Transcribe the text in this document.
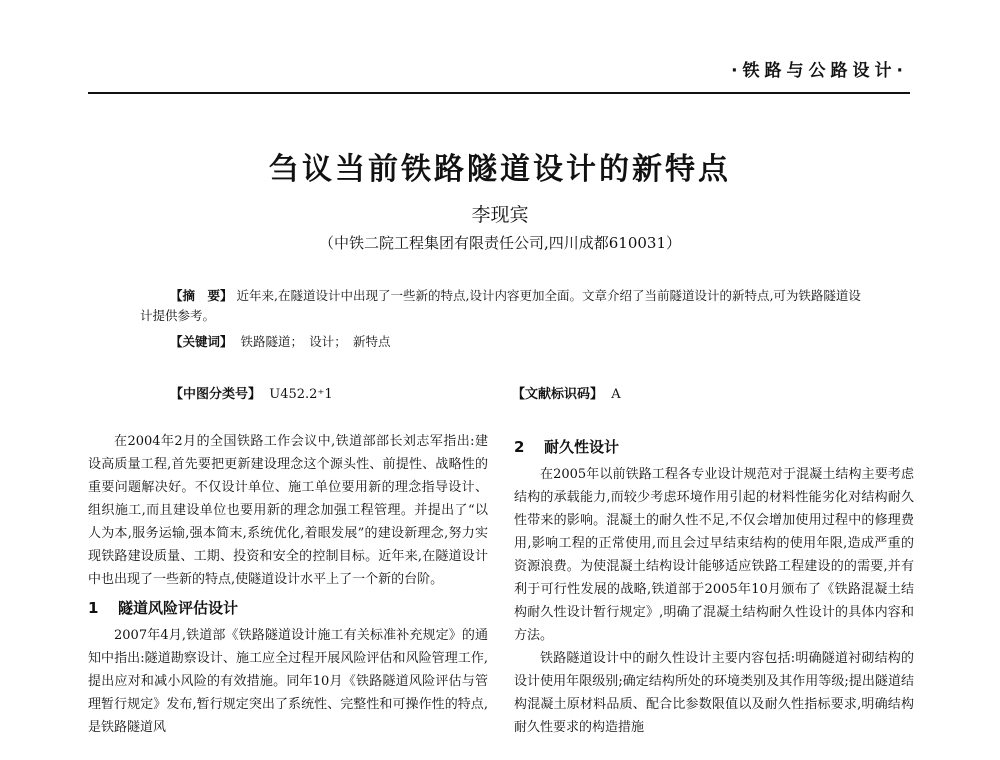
·铁路与公路设计·
刍议当前铁路隧道设计的新特点
李现宾
（中铁二院工程集团有限责任公司,四川成都610031）

【摘　要】 近年来,在隧道设计中出现了一些新的特点,设计内容更加全面。文章介绍了当前隧道设计的新特点,可为铁路隧道设计提供参考。

【关键词】 铁路隧道；　设计；　新特点
【中图分类号】 U452.2⁺1	【文献标识码】 A

在2004年2月的全国铁路工作会议中,铁道部部长刘志军指出:建设高质量工程,首先要把更新建设理念这个源头性、前提性、战略性的重要问题解决好。不仅设计单位、施工单位要用新的理念指导设计、组织施工,而且建设单位也要用新的理念加强工程管理。并提出了“以人为本,服务运输,强本简末,系统优化,着眼发展”的建设新理念,努力实现铁路建设质量、工期、投资和安全的控制目标。近年来,在隧道设计中也出现了一些新的特点,使隧道设计水平上了一个新的台阶。

1 隧道风险评估设计

2007年4月,铁道部《铁路隧道设计施工有关标准补充规定》的通知中指出:隧道勘察设计、施工应全过程开展风险评估和风险管理工作,提出应对和减小风险的有效措施。同年10月《铁路隧道风险评估与管理暂行规定》发布,暂行规定突出了系统性、完整性和可操作性的特点,是铁路隧道风

2 耐久性设计

在2005年以前铁路工程各专业设计规范对于混凝土结构主要考虑结构的承载能力,而较少考虑环境作用引起的材料性能劣化对结构耐久性带来的影响。混凝土的耐久性不足,不仅会增加使用过程中的修理费用,影响工程的正常使用,而且会过早结束结构的使用年限,造成严重的资源浪费。为使混凝土结构设计能够适应铁路工程建设的的需要,并有利于可行性发展的战略,铁道部于2005年10月颁布了《铁路混凝土结构耐久性设计暂行规定》,明确了混凝土结构耐久性设计的具体内容和方法。

铁路隧道设计中的耐久性设计主要内容包括:明确隧道衬砌结构的设计使用年限级别;确定结构所处的环境类别及其作用等级;提出隧道结构混凝土原材料品质、配合比参数限值以及耐久性指标要求,明确结构耐久性要求的构造措施
